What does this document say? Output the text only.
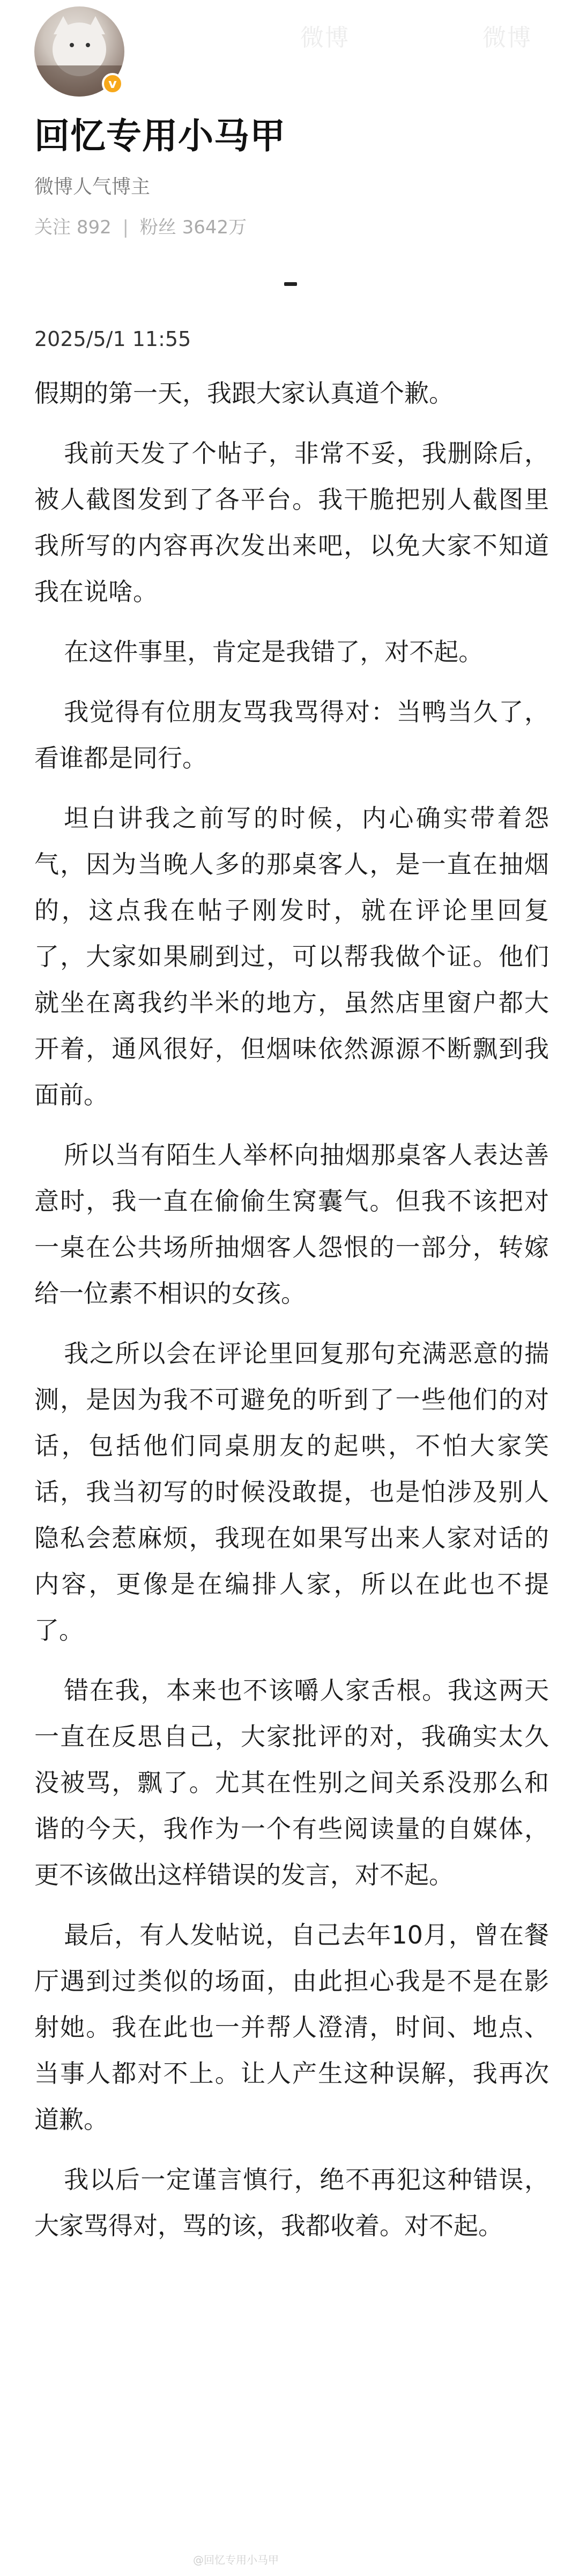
微博	微博
v
回忆专用小马甲
微博人气博主
关注 892 | 粉丝 3642万
2025/5/1 11:55

假期的第一天，我跟大家认真道个歉。

我前天发了个帖子，非常不妥，我删除后，被人截图发到了各平台。我干脆把别人截图里我所写的内容再次发出来吧，以免大家不知道我在说啥。

在这件事里，肯定是我错了，对不起。

我觉得有位朋友骂我骂得对：当鸭当久了，看谁都是同行。

坦白讲我之前写的时候，内心确实带着怨气，因为当晚人多的那桌客人，是一直在抽烟的，这点我在帖子刚发时，就在评论里回复了，大家如果刷到过，可以帮我做个证。他们就坐在离我约半米的地方，虽然店里窗户都大开着，通风很好，但烟味依然源源不断飘到我面前。

所以当有陌生人举杯向抽烟那桌客人表达善意时，我一直在偷偷生窝囊气。但我不该把对一桌在公共场所抽烟客人怨恨的一部分，转嫁给一位素不相识的女孩。

我之所以会在评论里回复那句充满恶意的揣测，是因为我不可避免的听到了一些他们的对话，包括他们同桌朋友的起哄，不怕大家笑话，我当初写的时候没敢提，也是怕涉及别人隐私会惹麻烦，我现在如果写出来人家对话的内容，更像是在编排人家，所以在此也不提了。

错在我，本来也不该嚼人家舌根。我这两天一直在反思自己，大家批评的对，我确实太久没被骂，飘了。尤其在性别之间关系没那么和谐的今天，我作为一个有些阅读量的自媒体，更不该做出这样错误的发言，对不起。

最后，有人发帖说，自己去年10月，曾在餐厅遇到过类似的场面，由此担心我是不是在影射她。我在此也一并帮人澄清，时间、地点、当事人都对不上。让人产生这种误解，我再次道歉。

我以后一定谨言慎行，绝不再犯这种错误，大家骂得对，骂的该，我都收着。对不起。

@回忆专用小马甲
